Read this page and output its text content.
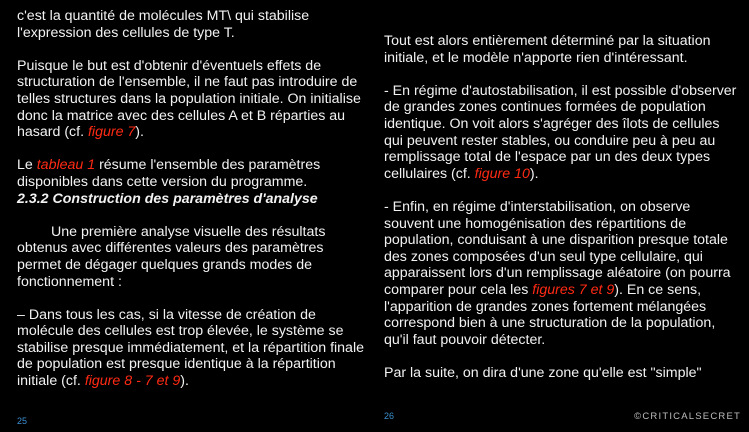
c'est la quantité de molécules MT\ qui stabilise l'expression des cellules de type T.

Puisque le but est d'obtenir d'éventuels effets de structuration de l'ensemble, il ne faut pas introduire de telles structures dans la population initiale. On initialise donc la matrice avec des cellules A et B réparties au hasard (cf. figure 7).

Le tableau 1 résume l'ensemble des paramètres disponibles dans cette version du programme.

2.3.2 Construction des paramètres d'analyse

Une première analyse visuelle des résultats obtenus avec différentes valeurs des paramètres permet de dégager quelques grands modes de fonctionnement :

– Dans tous les cas, si la vitesse de création de molécule des cellules est trop élevée, le système se stabilise presque immédiatement, et la répartition finale de population est presque identique à la répartition initiale (cf. figure 8 - 7 et 9).

Tout est alors entièrement déterminé par la situation initiale, et le modèle n'apporte rien d'intéressant.

- En régime d'autostabilisation, il est possible d'observer de grandes zones continues formées de population identique. On voit alors s'agréger des îlots de cellules qui peuvent rester stables, ou conduire peu à peu au remplissage total de l'espace par un des deux types cellulaires (cf. figure 10).

- Enfin, en régime d'interstabilisation, on observe souvent une homogénisation des répartitions de population, conduisant à une disparition presque totale des zones composées d'un seul type cellulaire, qui apparaissent lors d'un remplissage aléatoire (on pourra comparer pour cela les figures 7 et 9). En ce sens, l'apparition de grandes zones fortement mélangées correspond bien à une structuration de la population, qu'il faut pouvoir détecter.

Par la suite, on dira d'une zone qu'elle est "simple"

25	26	©CRITICALSECRET
